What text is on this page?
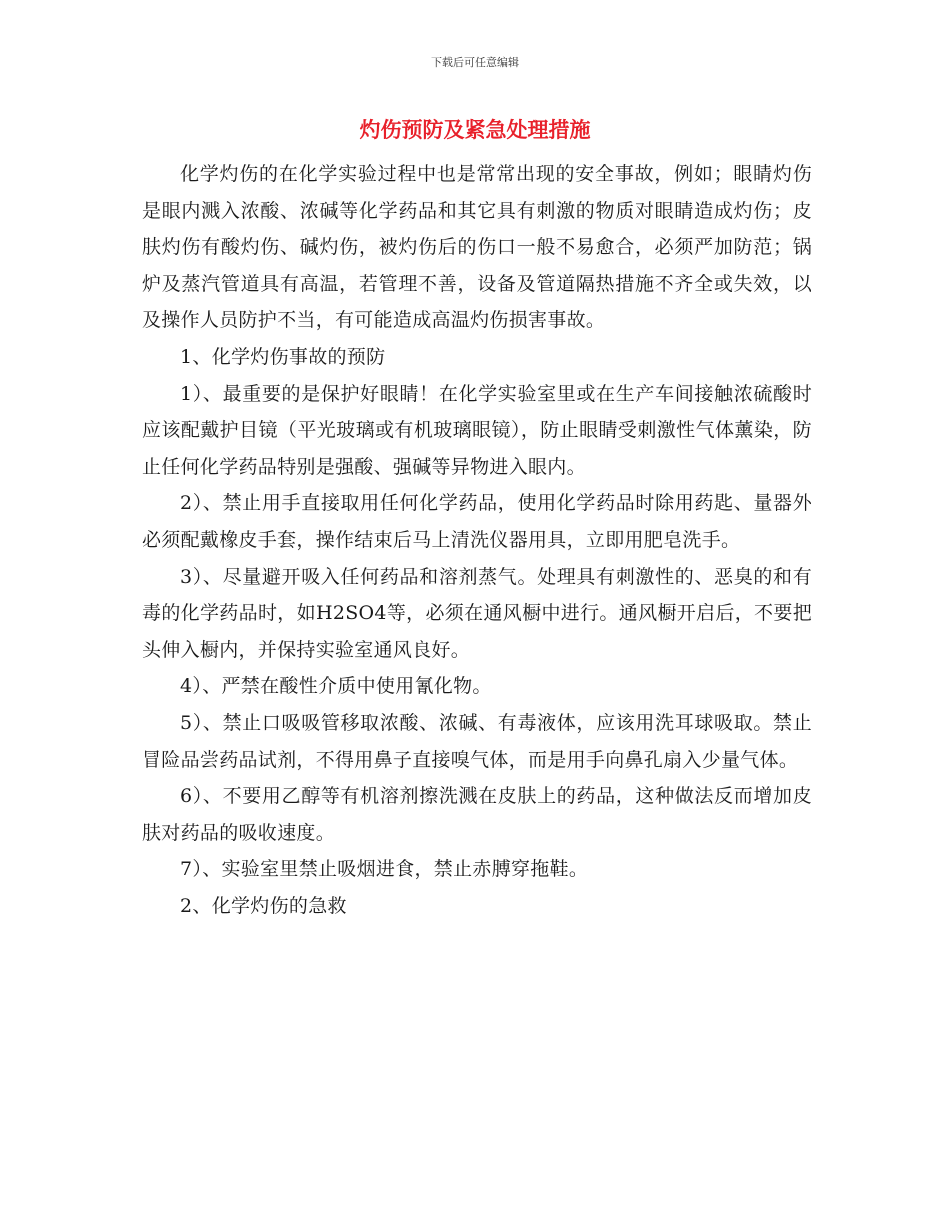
下载后可任意编辑
灼伤预防及紧急处理措施

化学灼伤的在化学实验过程中也是常常出现的安全事故，例如；眼睛灼伤是眼内溅入浓酸、浓碱等化学药品和其它具有刺激的物质对眼睛造成灼伤；皮肤灼伤有酸灼伤、碱灼伤，被灼伤后的伤口一般不易愈合，必须严加防范；锅炉及蒸汽管道具有高温，若管理不善，设备及管道隔热措施不齐全或失效，以及操作人员防护不当，有可能造成高温灼伤损害事故。

1、化学灼伤事故的预防

1）、最重要的是保护好眼睛！在化学实验室里或在生产车间接触浓硫酸时应该配戴护目镜（平光玻璃或有机玻璃眼镜），防止眼睛受刺激性气体薰染，防止任何化学药品特别是强酸、强碱等异物进入眼内。

2）、禁止用手直接取用任何化学药品，使用化学药品时除用药匙、量器外必须配戴橡皮手套，操作结束后马上清洗仪器用具，立即用肥皂洗手。

3）、尽量避开吸入任何药品和溶剂蒸气。处理具有刺激性的、恶臭的和有毒的化学药品时，如H2SO4等，必须在通风橱中进行。通风橱开启后，不要把头伸入橱内，并保持实验室通风良好。

4）、严禁在酸性介质中使用氰化物。

5）、禁止口吸吸管移取浓酸、浓碱、有毒液体，应该用洗耳球吸取。禁止冒险品尝药品试剂，不得用鼻子直接嗅气体，而是用手向鼻孔扇入少量气体。

6）、不要用乙醇等有机溶剂擦洗溅在皮肤上的药品，这种做法反而增加皮肤对药品的吸收速度。

7）、实验室里禁止吸烟进食，禁止赤膊穿拖鞋。

2、化学灼伤的急救
